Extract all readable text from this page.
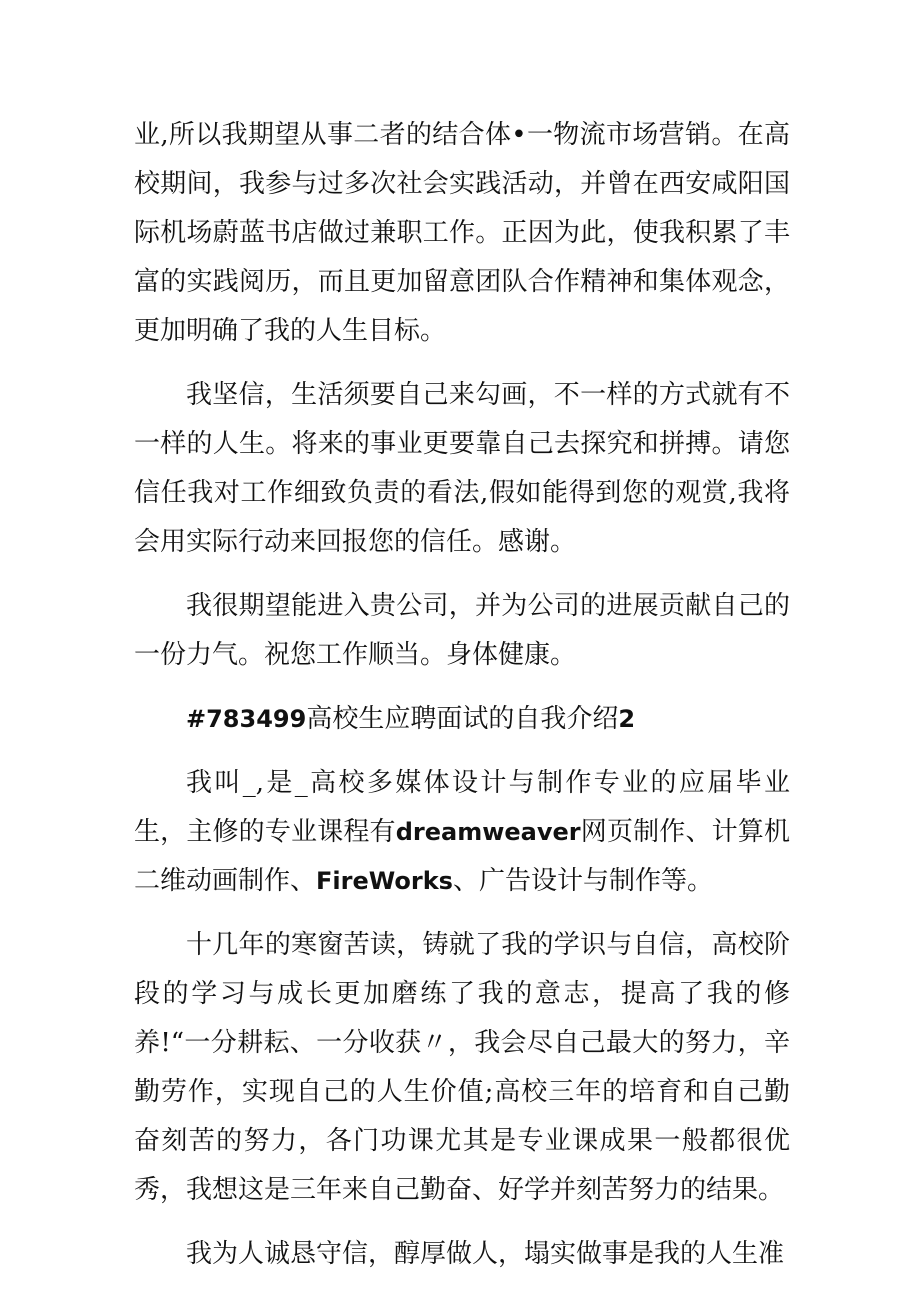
业,所以我期望从事二者的结合体•一物流市场营销。在高校期间，我参与过多次社会实践活动，并曾在西安咸阳国际机场蔚蓝书店做过兼职工作。正因为此，使我积累了丰富的实践阅历，而且更加留意团队合作精神和集体观念，更加明确了我的人生目标。

我坚信，生活须要自己来勾画，不一样的方式就有不一样的人生。将来的事业更要靠自己去探究和拼搏。请您信任我对工作细致负责的看法,假如能得到您的观赏,我将会用实际行动来回报您的信任。感谢。

我很期望能进入贵公司，并为公司的进展贡献自己的一份力气。祝您工作顺当。身体健康。

#783499高校生应聘面试的自我介绍2

我叫_,是_高校多媒体设计与制作专业的应届毕业生，主修的专业课程有dreamweaver网页制作、计算机二维动画制作、FireWorks、广告设计与制作等。

十几年的寒窗苦读，铸就了我的学识与自信，高校阶段的学习与成长更加磨练了我的意志，提高了我的修养!“一分耕耘、一分收获〃，我会尽自己最大的努力，辛勤劳作，实现自己的人生价值;高校三年的培育和自己勤奋刻苦的努力，各门功课尤其是专业课成果一般都很优秀，我想这是三年来自己勤奋、好学并刻苦努力的结果。

我为人诚恳守信，醇厚做人，塌实做事是我的人生准
